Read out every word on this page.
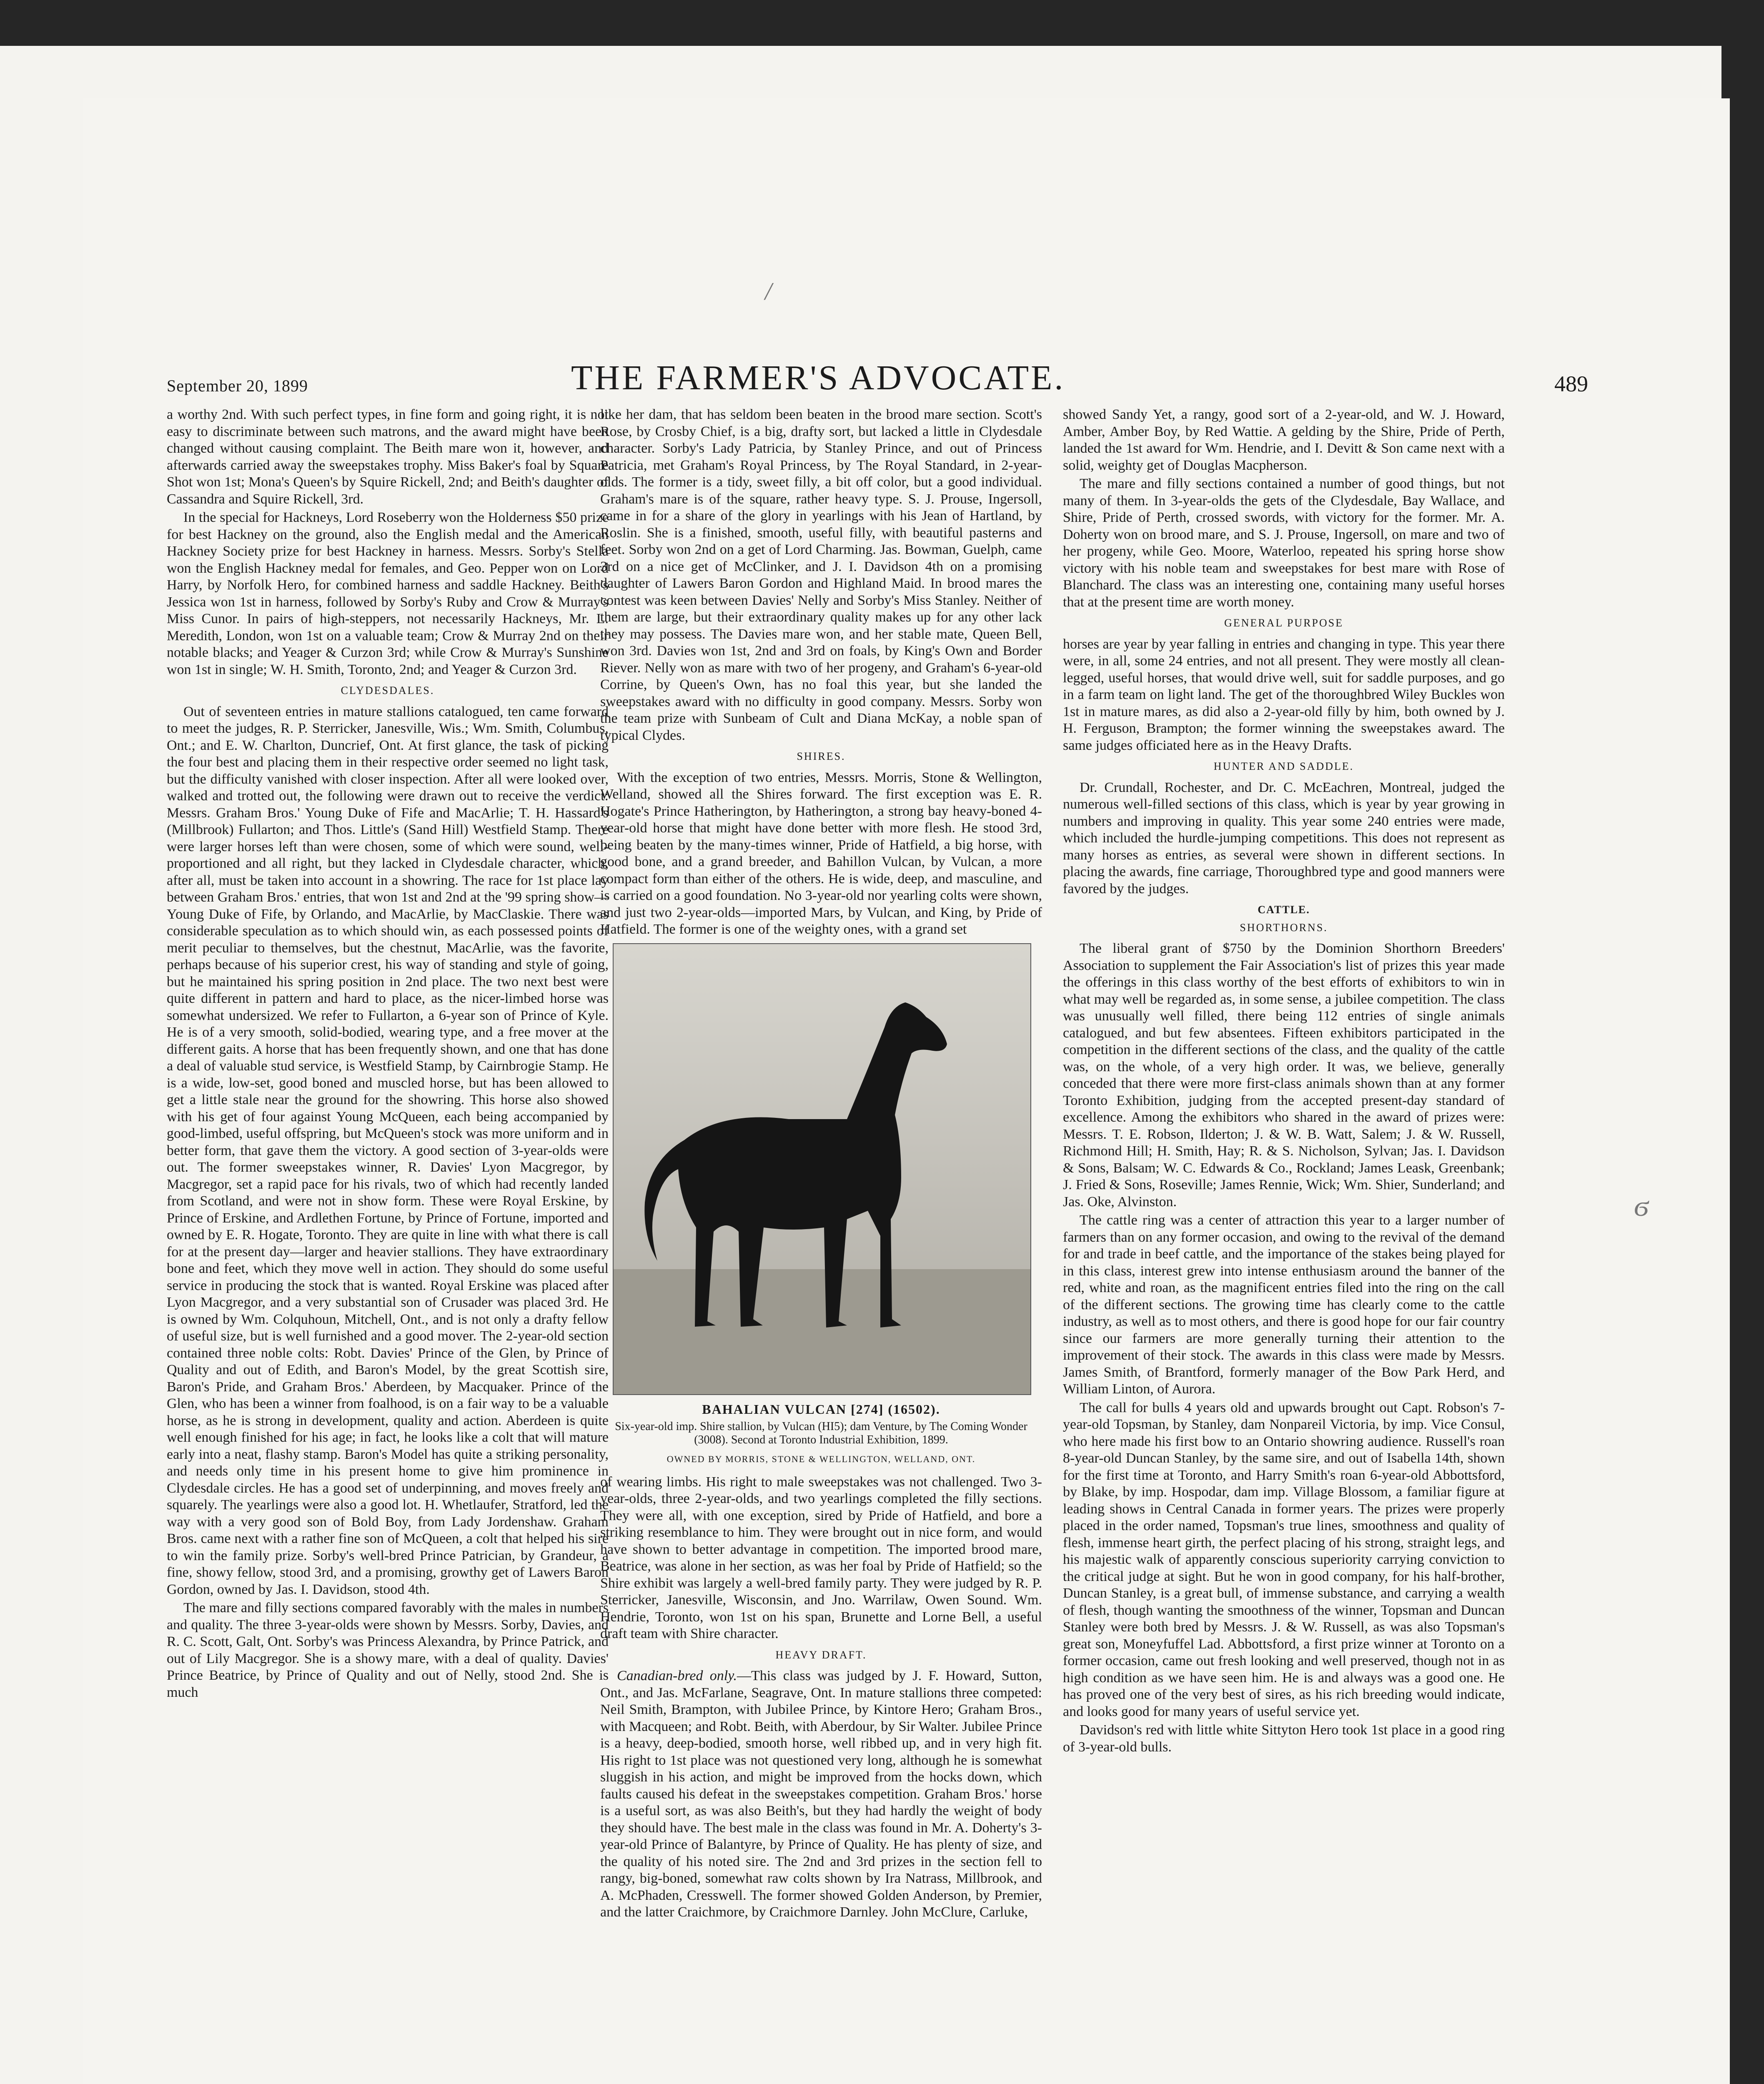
/
ϭ
September 20, 1899	THE FARMER'S ADVOCATE.	489

a worthy 2nd. With such perfect types, in fine form and going right, it is not easy to discriminate between such matrons, and the award might have been changed without causing complaint. The Beith mare won it, however, and afterwards carried away the sweepstakes trophy. Miss Baker's foal by Square Shot won 1st; Mona's Queen's by Squire Rickell, 2nd; and Beith's daughter of Cassandra and Squire Rickell, 3rd.

In the special for Hackneys, Lord Roseberry won the Holderness $50 prize for best Hackney on the ground, also the English medal and the American Hackney Society prize for best Hackney in harness. Messrs. Sorby's Stella won the English Hackney medal for females, and Geo. Pepper won on Lord Harry, by Norfolk Hero, for combined harness and saddle Hackney. Beith's Jessica won 1st in harness, followed by Sorby's Ruby and Crow & Murray's Miss Cunor. In pairs of high-steppers, not necessarily Hackneys, Mr. L. Meredith, London, won 1st on a valuable team; Crow & Murray 2nd on their notable blacks; and Yeager & Curzon 3rd; while Crow & Murray's Sunshine won 1st in single; W. H. Smith, Toronto, 2nd; and Yeager & Curzon 3rd.

CLYDESDALES.

Out of seventeen entries in mature stallions catalogued, ten came forward to meet the judges, R. P. Sterricker, Janesville, Wis.; Wm. Smith, Columbus, Ont.; and E. W. Charlton, Duncrief, Ont. At first glance, the task of picking the four best and placing them in their respective order seemed no light task, but the difficulty vanished with closer inspection. After all were looked over, walked and trotted out, the following were drawn out to receive the verdict: Messrs. Graham Bros.' Young Duke of Fife and MacArlie; T. H. Hassard's (Millbrook) Fullarton; and Thos. Little's (Sand Hill) Westfield Stamp. There were larger horses left than were chosen, some of which were sound, well-proportioned and all right, but they lacked in Clydesdale character, which, after all, must be taken into account in a showring. The race for 1st place lay between Graham Bros.' entries, that won 1st and 2nd at the '99 spring show—Young Duke of Fife, by Orlando, and MacArlie, by MacClaskie. There was considerable speculation as to which should win, as each possessed points of merit peculiar to themselves, but the chestnut, MacArlie, was the favorite, perhaps because of his superior crest, his way of standing and style of going, but he maintained his spring position in 2nd place. The two next best were quite different in pattern and hard to place, as the nicer-limbed horse was somewhat undersized. We refer to Fullarton, a 6-year son of Prince of Kyle. He is of a very smooth, solid-bodied, wearing type, and a free mover at the different gaits. A horse that has been frequently shown, and one that has done a deal of valuable stud service, is Westfield Stamp, by Cairnbrogie Stamp. He is a wide, low-set, good boned and muscled horse, but has been allowed to get a little stale near the ground for the showring. This horse also showed with his get of four against Young McQueen, each being accompanied by good-limbed, useful offspring, but McQueen's stock was more uniform and in better form, that gave them the victory. A good section of 3-year-olds were out. The former sweepstakes winner, R. Davies' Lyon Macgregor, by Macgregor, set a rapid pace for his rivals, two of which had recently landed from Scotland, and were not in show form. These were Royal Erskine, by Prince of Erskine, and Ardlethen Fortune, by Prince of Fortune, imported and owned by E. R. Hogate, Toronto. They are quite in line with what there is call for at the present day—larger and heavier stallions. They have extraordinary bone and feet, which they move well in action. They should do some useful service in producing the stock that is wanted. Royal Erskine was placed after Lyon Macgregor, and a very substantial son of Crusader was placed 3rd. He is owned by Wm. Colquhoun, Mitchell, Ont., and is not only a drafty fellow of useful size, but is well furnished and a good mover. The 2-year-old section contained three noble colts: Robt. Davies' Prince of the Glen, by Prince of Quality and out of Edith, and Baron's Model, by the great Scottish sire, Baron's Pride, and Graham Bros.' Aberdeen, by Macquaker. Prince of the Glen, who has been a winner from foalhood, is on a fair way to be a valuable horse, as he is strong in development, quality and action. Aberdeen is quite well enough finished for his age; in fact, he looks like a colt that will mature early into a neat, flashy stamp. Baron's Model has quite a striking personality, and needs only time in his present home to give him prominence in Clydesdale circles. He has a good set of underpinning, and moves freely and squarely. The yearlings were also a good lot. H. Whetlaufer, Stratford, led the way with a very good son of Bold Boy, from Lady Jordenshaw. Graham Bros. came next with a rather fine son of McQueen, a colt that helped his sire to win the family prize. Sorby's well-bred Prince Patrician, by Grandeur, a fine, showy fellow, stood 3rd, and a promising, growthy get of Lawers Baron Gordon, owned by Jas. I. Davidson, stood 4th.

The mare and filly sections compared favorably with the males in numbers and quality. The three 3-year-olds were shown by Messrs. Sorby, Davies, and R. C. Scott, Galt, Ont. Sorby's was Princess Alexandra, by Prince Patrick, and out of Lily Macgregor. She is a showy mare, with a deal of quality. Davies' Prince Beatrice, by Prince of Quality and out of Nelly, stood 2nd. She is much

like her dam, that has seldom been beaten in the brood mare section. Scott's Rose, by Crosby Chief, is a big, drafty sort, but lacked a little in Clydesdale character. Sorby's Lady Patricia, by Stanley Prince, and out of Princess Patricia, met Graham's Royal Princess, by The Royal Standard, in 2-year-olds. The former is a tidy, sweet filly, a bit off color, but a good individual. Graham's mare is of the square, rather heavy type. S. J. Prouse, Ingersoll, came in for a share of the glory in yearlings with his Jean of Hartland, by Roslin. She is a finished, smooth, useful filly, with beautiful pasterns and feet. Sorby won 2nd on a get of Lord Charming. Jas. Bowman, Guelph, came 3rd on a nice get of McClinker, and J. I. Davidson 4th on a promising daughter of Lawers Baron Gordon and Highland Maid. In brood mares the contest was keen between Davies' Nelly and Sorby's Miss Stanley. Neither of them are large, but their extraordinary quality makes up for any other lack they may possess. The Davies mare won, and her stable mate, Queen Bell, won 3rd. Davies won 1st, 2nd and 3rd on foals, by King's Own and Border Riever. Nelly won as mare with two of her progeny, and Graham's 6-year-old Corrine, by Queen's Own, has no foal this year, but she landed the sweepstakes award with no difficulty in good company. Messrs. Sorby won the team prize with Sunbeam of Cult and Diana McKay, a noble span of typical Clydes.

SHIRES.

With the exception of two entries, Messrs. Morris, Stone & Wellington, Welland, showed all the Shires forward. The first exception was E. R. Hogate's Prince Hatherington, by Hatherington, a strong bay heavy-boned 4-year-old horse that might have done better with more flesh. He stood 3rd, being beaten by the many-times winner, Pride of Hatfield, a big horse, with good bone, and a grand breeder, and Bahillon Vulcan, by Vulcan, a more compact form than either of the others. He is wide, deep, and masculine, and is carried on a good foundation. No 3-year-old nor yearling colts were shown, and just two 2-year-olds—imported Mars, by Vulcan, and King, by Pride of Hatfield. The former is one of the weighty ones, with a grand set

BAHALIAN VULCAN [274] (16502).
Six-year-old imp. Shire stallion, by Vulcan (HI5); dam Venture, by The Coming Wonder (3008). Second at Toronto Industrial Exhibition, 1899.
OWNED BY MORRIS, STONE & WELLINGTON, WELLAND, ONT.

of wearing limbs. His right to male sweepstakes was not challenged. Two 3-year-olds, three 2-year-olds, and two yearlings completed the filly sections. They were all, with one exception, sired by Pride of Hatfield, and bore a striking resemblance to him. They were brought out in nice form, and would have shown to better advantage in competition. The imported brood mare, Beatrice, was alone in her section, as was her foal by Pride of Hatfield; so the Shire exhibit was largely a well-bred family party. They were judged by R. P. Sterricker, Janesville, Wisconsin, and Jno. Warrilaw, Owen Sound. Wm. Hendrie, Toronto, won 1st on his span, Brunette and Lorne Bell, a useful draft team with Shire character.

HEAVY DRAFT.

Canadian-bred only.—This class was judged by J. F. Howard, Sutton, Ont., and Jas. McFarlane, Seagrave, Ont. In mature stallions three competed: Neil Smith, Brampton, with Jubilee Prince, by Kintore Hero; Graham Bros., with Macqueen; and Robt. Beith, with Aberdour, by Sir Walter. Jubilee Prince is a heavy, deep-bodied, smooth horse, well ribbed up, and in very high fit. His right to 1st place was not questioned very long, although he is somewhat sluggish in his action, and might be improved from the hocks down, which faults caused his defeat in the sweepstakes competition. Graham Bros.' horse is a useful sort, as was also Beith's, but they had hardly the weight of body they should have. The best male in the class was found in Mr. A. Doherty's 3-year-old Prince of Balantyre, by Prince of Quality. He has plenty of size, and the quality of his noted sire. The 2nd and 3rd prizes in the section fell to rangy, big-boned, somewhat raw colts shown by Ira Natrass, Millbrook, and A. McPhaden, Cresswell. The former showed Golden Anderson, by Premier, and the latter Craichmore, by Craichmore Darnley. John McClure, Carluke,

showed Sandy Yet, a rangy, good sort of a 2-year-old, and W. J. Howard, Amber, Amber Boy, by Red Wattie. A gelding by the Shire, Pride of Perth, landed the 1st award for Wm. Hendrie, and I. Devitt & Son came next with a solid, weighty get of Douglas Macpherson.

The mare and filly sections contained a number of good things, but not many of them. In 3-year-olds the gets of the Clydesdale, Bay Wallace, and Shire, Pride of Perth, crossed swords, with victory for the former. Mr. A. Doherty won on brood mare, and S. J. Prouse, Ingersoll, on mare and two of her progeny, while Geo. Moore, Waterloo, repeated his spring horse show victory with his noble team and sweepstakes for best mare with Rose of Blanchard. The class was an interesting one, containing many useful horses that at the present time are worth money.

GENERAL PURPOSE

horses are year by year falling in entries and changing in type. This year there were, in all, some 24 entries, and not all present. They were mostly all clean-legged, useful horses, that would drive well, suit for saddle purposes, and go in a farm team on light land. The get of the thoroughbred Wiley Buckles won 1st in mature mares, as did also a 2-year-old filly by him, both owned by J. H. Ferguson, Brampton; the former winning the sweepstakes award. The same judges officiated here as in the Heavy Drafts.

HUNTER AND SADDLE.

Dr. Crundall, Rochester, and Dr. C. McEachren, Montreal, judged the numerous well-filled sections of this class, which is year by year growing in numbers and improving in quality. This year some 240 entries were made, which included the hurdle-jumping competitions. This does not represent as many horses as entries, as several were shown in different sections. In placing the awards, fine carriage, Thoroughbred type and good manners were favored by the judges.

CATTLE.
SHORTHORNS.

The liberal grant of $750 by the Dominion Shorthorn Breeders' Association to supplement the Fair Association's list of prizes this year made the offerings in this class worthy of the best efforts of exhibitors to win in what may well be regarded as, in some sense, a jubilee competition. The class was unusually well filled, there being 112 entries of single animals catalogued, and but few absentees. Fifteen exhibitors participated in the competition in the different sections of the class, and the quality of the cattle was, on the whole, of a very high order. It was, we believe, generally conceded that there were more first-class animals shown than at any former Toronto Exhibition, judging from the accepted present-day standard of excellence. Among the exhibitors who shared in the award of prizes were: Messrs. T. E. Robson, Ilderton; J. & W. B. Watt, Salem; J. & W. Russell, Richmond Hill; H. Smith, Hay; R. & S. Nicholson, Sylvan; Jas. I. Davidson & Sons, Balsam; W. C. Edwards & Co., Rockland; James Leask, Greenbank; J. Fried & Sons, Roseville; James Rennie, Wick; Wm. Shier, Sunderland; and Jas. Oke, Alvinston.

The cattle ring was a center of attraction this year to a larger number of farmers than on any former occasion, and owing to the revival of the demand for and trade in beef cattle, and the importance of the stakes being played for in this class, interest grew into intense enthusiasm around the banner of the red, white and roan, as the magnificent entries filed into the ring on the call of the different sections. The growing time has clearly come to the cattle industry, as well as to most others, and there is good hope for our fair country since our farmers are more generally turning their attention to the improvement of their stock. The awards in this class were made by Messrs. James Smith, of Brantford, formerly manager of the Bow Park Herd, and William Linton, of Aurora.

The call for bulls 4 years old and upwards brought out Capt. Robson's 7-year-old Topsman, by Stanley, dam Nonpareil Victoria, by imp. Vice Consul, who here made his first bow to an Ontario showring audience. Russell's roan 8-year-old Duncan Stanley, by the same sire, and out of Isabella 14th, shown for the first time at Toronto, and Harry Smith's roan 6-year-old Abbottsford, by Blake, by imp. Hospodar, dam imp. Village Blossom, a familiar figure at leading shows in Central Canada in former years. The prizes were properly placed in the order named, Topsman's true lines, smoothness and quality of flesh, immense heart girth, the perfect placing of his strong, straight legs, and his majestic walk of apparently conscious superiority carrying conviction to the critical judge at sight. But he won in good company, for his half-brother, Duncan Stanley, is a great bull, of immense substance, and carrying a wealth of flesh, though wanting the smoothness of the winner, Topsman and Duncan Stanley were both bred by Messrs. J. & W. Russell, as was also Topsman's great son, Moneyfuffel Lad. Abbottsford, a first prize winner at Toronto on a former occasion, came out fresh looking and well preserved, though not in as high condition as we have seen him. He is and always was a good one. He has proved one of the very best of sires, as his rich breeding would indicate, and looks good for many years of useful service yet.

Davidson's red with little white Sittyton Hero took 1st place in a good ring of 3-year-old bulls.
